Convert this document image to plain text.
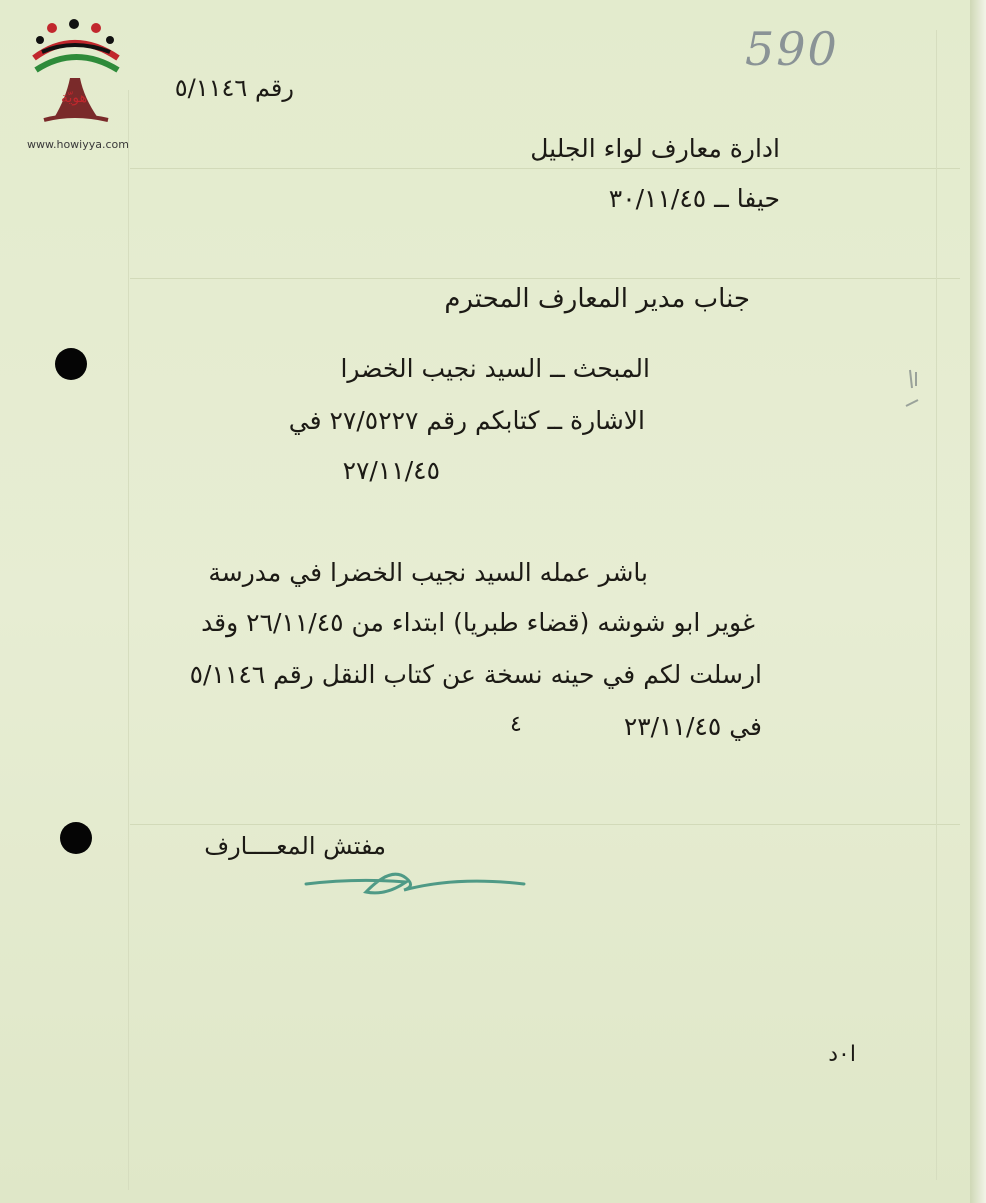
هويّة
www.howiyya.com
590
رقم ٥/١١٤٦
ادارة معارف لواء الجليل
حيفا ــ ٣٠/١١/٤٥
جناب مدير المعارف المحترم
المبحث ــ السيد نجيب الخضرا
الاشارة ــ كتابكم رقم ٢٧/٥٢٢٧ في
٢٧/١١/٤٥
باشر عمله السيد نجيب الخضرا في مدرسة
غوير ابو شوشه (قضاء طبريا) ابتداء من ٢٦/١١/٤٥ وقد
ارسلت لكم في حينه نسخة عن كتاب النقل رقم ٥/١١٤٦
في ٢٣/١١/٤٥
٤
مفتش المعــــارف
ا٠د
